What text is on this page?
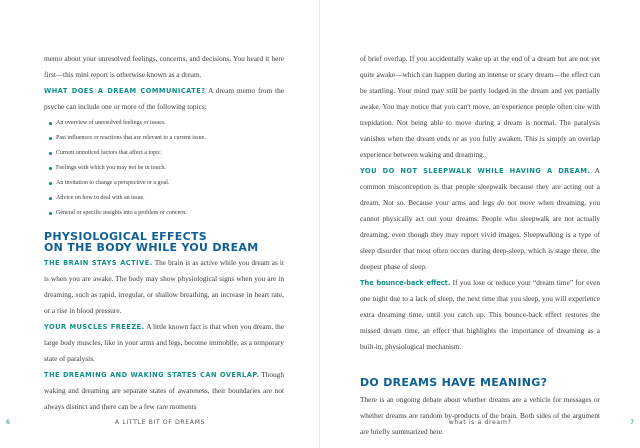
memo about your unresolved feelings, concerns, and decisions. You heard it here first—this mini report is otherwise known as a dream.

WHAT DOES A DREAM COMMUNICATE? A dream memo from the psyche can include one or more of the following topics:

An overview of unresolved feelings or issues.
Past influences or reactions that are relevant to a current issue.
Current unnoticed factors that affect a topic.
Feelings with which you may not be in touch.
An invitation to change a perspective or a goal.
Advice on how to deal with an issue.
General or specific insights into a problem or concern.
PHYSIOLOGICAL EFFECTS
ON THE BODY WHILE YOU DREAM

THE BRAIN STAYS ACTIVE. The brain is as active while you dream as it is when you are awake. The body may show physiological signs when you are in dreaming, such as rapid, irregular, or shallow breathing, an increase in heart rate, or a rise in blood pressure.

YOUR MUSCLES FREEZE. A little known fact is that when you dream, the large body muscles, like in your arms and legs, become immobile, as a temporary state of paralysis.

THE DREAMING AND WAKING STATES CAN OVERLAP. Though waking and dreaming are separate states of awareness, their boundaries are not always distinct and there can be a few rare moments

6	A LITTLE BIT OF DREAMS

of brief overlap. If you accidentally wake up at the end of a dream but are not yet quite awake—which can happen during an intense or scary dream—the effect can be startling. Your mind may still be partly lodged in the dream and yet partially awake. You may notice that you can't move, an experience people often cite with trepidation. Not being able to move during a dream is normal. The paralysis vanishes when the dream ends or as you fully awaken. This is simply an overlap experience between waking and dreaming.

YOU DO NOT SLEEPWALK WHILE HAVING A DREAM. A common misconception is that people sleepwalk because they are acting out a dream. Not so. Because your arms and legs do not move when dreaming, you cannot physically act out your dreams. People who sleepwalk are not actually dreaming, even though they may report vivid images. Sleepwalking is a type of sleep disorder that most often occurs during deep-sleep, which is stage three, the deepest phase of sleep.

The bounce-back effect. If you lose or reduce your “dream time” for even one night due to a lack of sleep, the next time that you sleep, you will experience extra dreaming time, until you catch up. This bounce-back effect restores the missed dream time, an effect that highlights the importance of dreaming as a built-in, physiological mechanism.

DO DREAMS HAVE MEANING?

There is an ongoing debate about whether dreams are a vehicle for messages or whether dreams are random by-products of the brain. Both sides of the argument are briefly summarized here.

what is a dream?	7
